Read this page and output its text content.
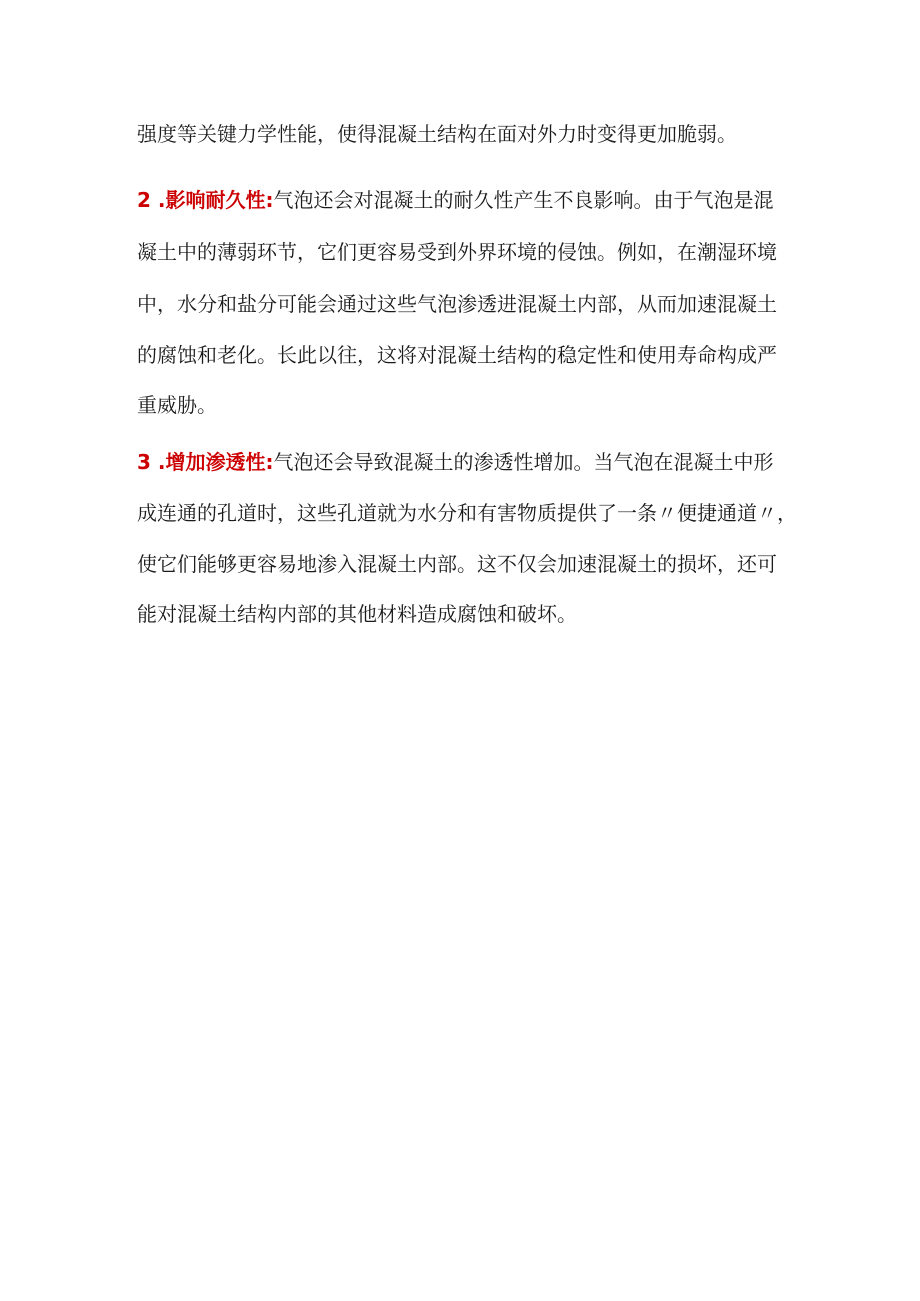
强度等关键力学性能，使得混凝土结构在面对外力时变得更加脆弱。

2 .影响耐久性:气泡还会对混凝土的耐久性产生不良影响。由于气泡是混

凝土中的薄弱环节，它们更容易受到外界环境的侵蚀。例如，在潮湿环境

中，水分和盐分可能会通过这些气泡渗透进混凝土内部，从而加速混凝土

的腐蚀和老化。长此以往，这将对混凝土结构的稳定性和使用寿命构成严

重威胁。

3 .增加渗透性:气泡还会导致混凝土的渗透性增加。当气泡在混凝土中形

成连通的孔道时，这些孔道就为水分和有害物质提供了一条〃便捷通道〃，

使它们能够更容易地渗入混凝土内部。这不仅会加速混凝土的损坏，还可

能对混凝土结构内部的其他材料造成腐蚀和破坏。
